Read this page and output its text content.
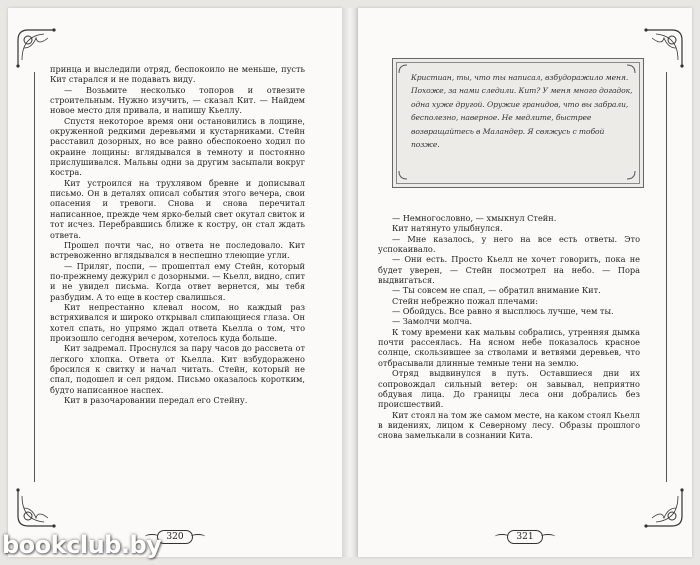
принца и выследили отряд, беспокоило не меньше, пусть Кит старался и не подавать виду.

— Возьмите несколько топоров и отвезите строительным. Нужно изучить, — сказал Кит. — Найдем новое место для привала, и напишу Кьеллу.

Спустя некоторое время они остановились в лощине, окруженной редкими деревьями и кустарниками. Стейн расставил дозорных, но все равно обеспокоено ходил по окраине лощины: вглядывался в темноту и постоянно прислушивался. Мальвы одни за другим засыпали вокруг костра.

Кит устроился на трухлявом бревне и дописывал письмо. Он в деталях описал события этого вечера, свои опасения и тревоги. Снова и снова перечитал написанное, прежде чем ярко-белый свет окутал свиток и тот исчез. Перебравшись ближе к костру, он стал ждать ответа.

Прошел почти час, но ответа не последовало. Кит встревоженно вглядывался в неспешно тлеющие угли.

— Приляг, поспи, — прошептал ему Стейн, который по-прежнему дежурил с дозорными. — Кьелл, видно, спит и не увидел письма. Когда ответ вернется, мы тебя разбудим. А то еще в костер свалишься.

Кит непрестанно клевал носом, но каждый раз встряхивался и широко открывал слипающиеся глаза. Он хотел спать, но упрямо ждал ответа Кьелла о том, что произошло сегодня вечером, хотелось куда больше.

Кит задремал. Проснулся за пару часов до рассвета от легкого хлопка. Ответа от Кьелла. Кит взбудоражено бросился к свитку и начал читать. Стейн, который не спал, подошел и сел рядом. Письмо оказалось коротким, будто написанное наспех.

Кит в разочаровании передал его Стейну.

320
Кристиан, ты, что ты написал, взбудоражило меня. Похоже, за нами следили. Кит? У меня много догадок, одна хуже другой. Оружие гранидов, что вы забрали, бесполезно, наверное. Не медлите, быстрее возвращайтесь в Маландер. Я свяжусь с тобой позже.

— Немногословно, — хмыкнул Стейн.

Кит натянуто улыбнулся.

— Мне казалось, у него на все есть ответы. Это успокаивало.

— Они есть. Просто Кьелл не хочет говорить, пока не будет уверен, — Стейн посмотрел на небо. — Пора выдвигаться.

— Ты совсем не спал, — обратил внимание Кит.

Стейн небрежно пожал плечами:

— Обойдусь. Все равно я высплюсь лучше, чем ты.

— Замолчи молча.

К тому времени как мальвы собрались, утренняя дымка почти рассеялась. На ясном небе показалось красное солнце, скользившее за стволами и ветвями деревьев, что отбрасывали длинные темные тени на землю.

Отряд выдвинулся в путь. Оставшиеся дни их сопровождал сильный ветер: он завывал, неприятно обдувая лица. До границы леса они добрались без происшествий.

Кит стоял на том же самом месте, на каком стоял Кьелл в видениях, лицом к Северному лесу. Образы прошлого снова замелькали в сознании Кита.

321
bookclub.by
